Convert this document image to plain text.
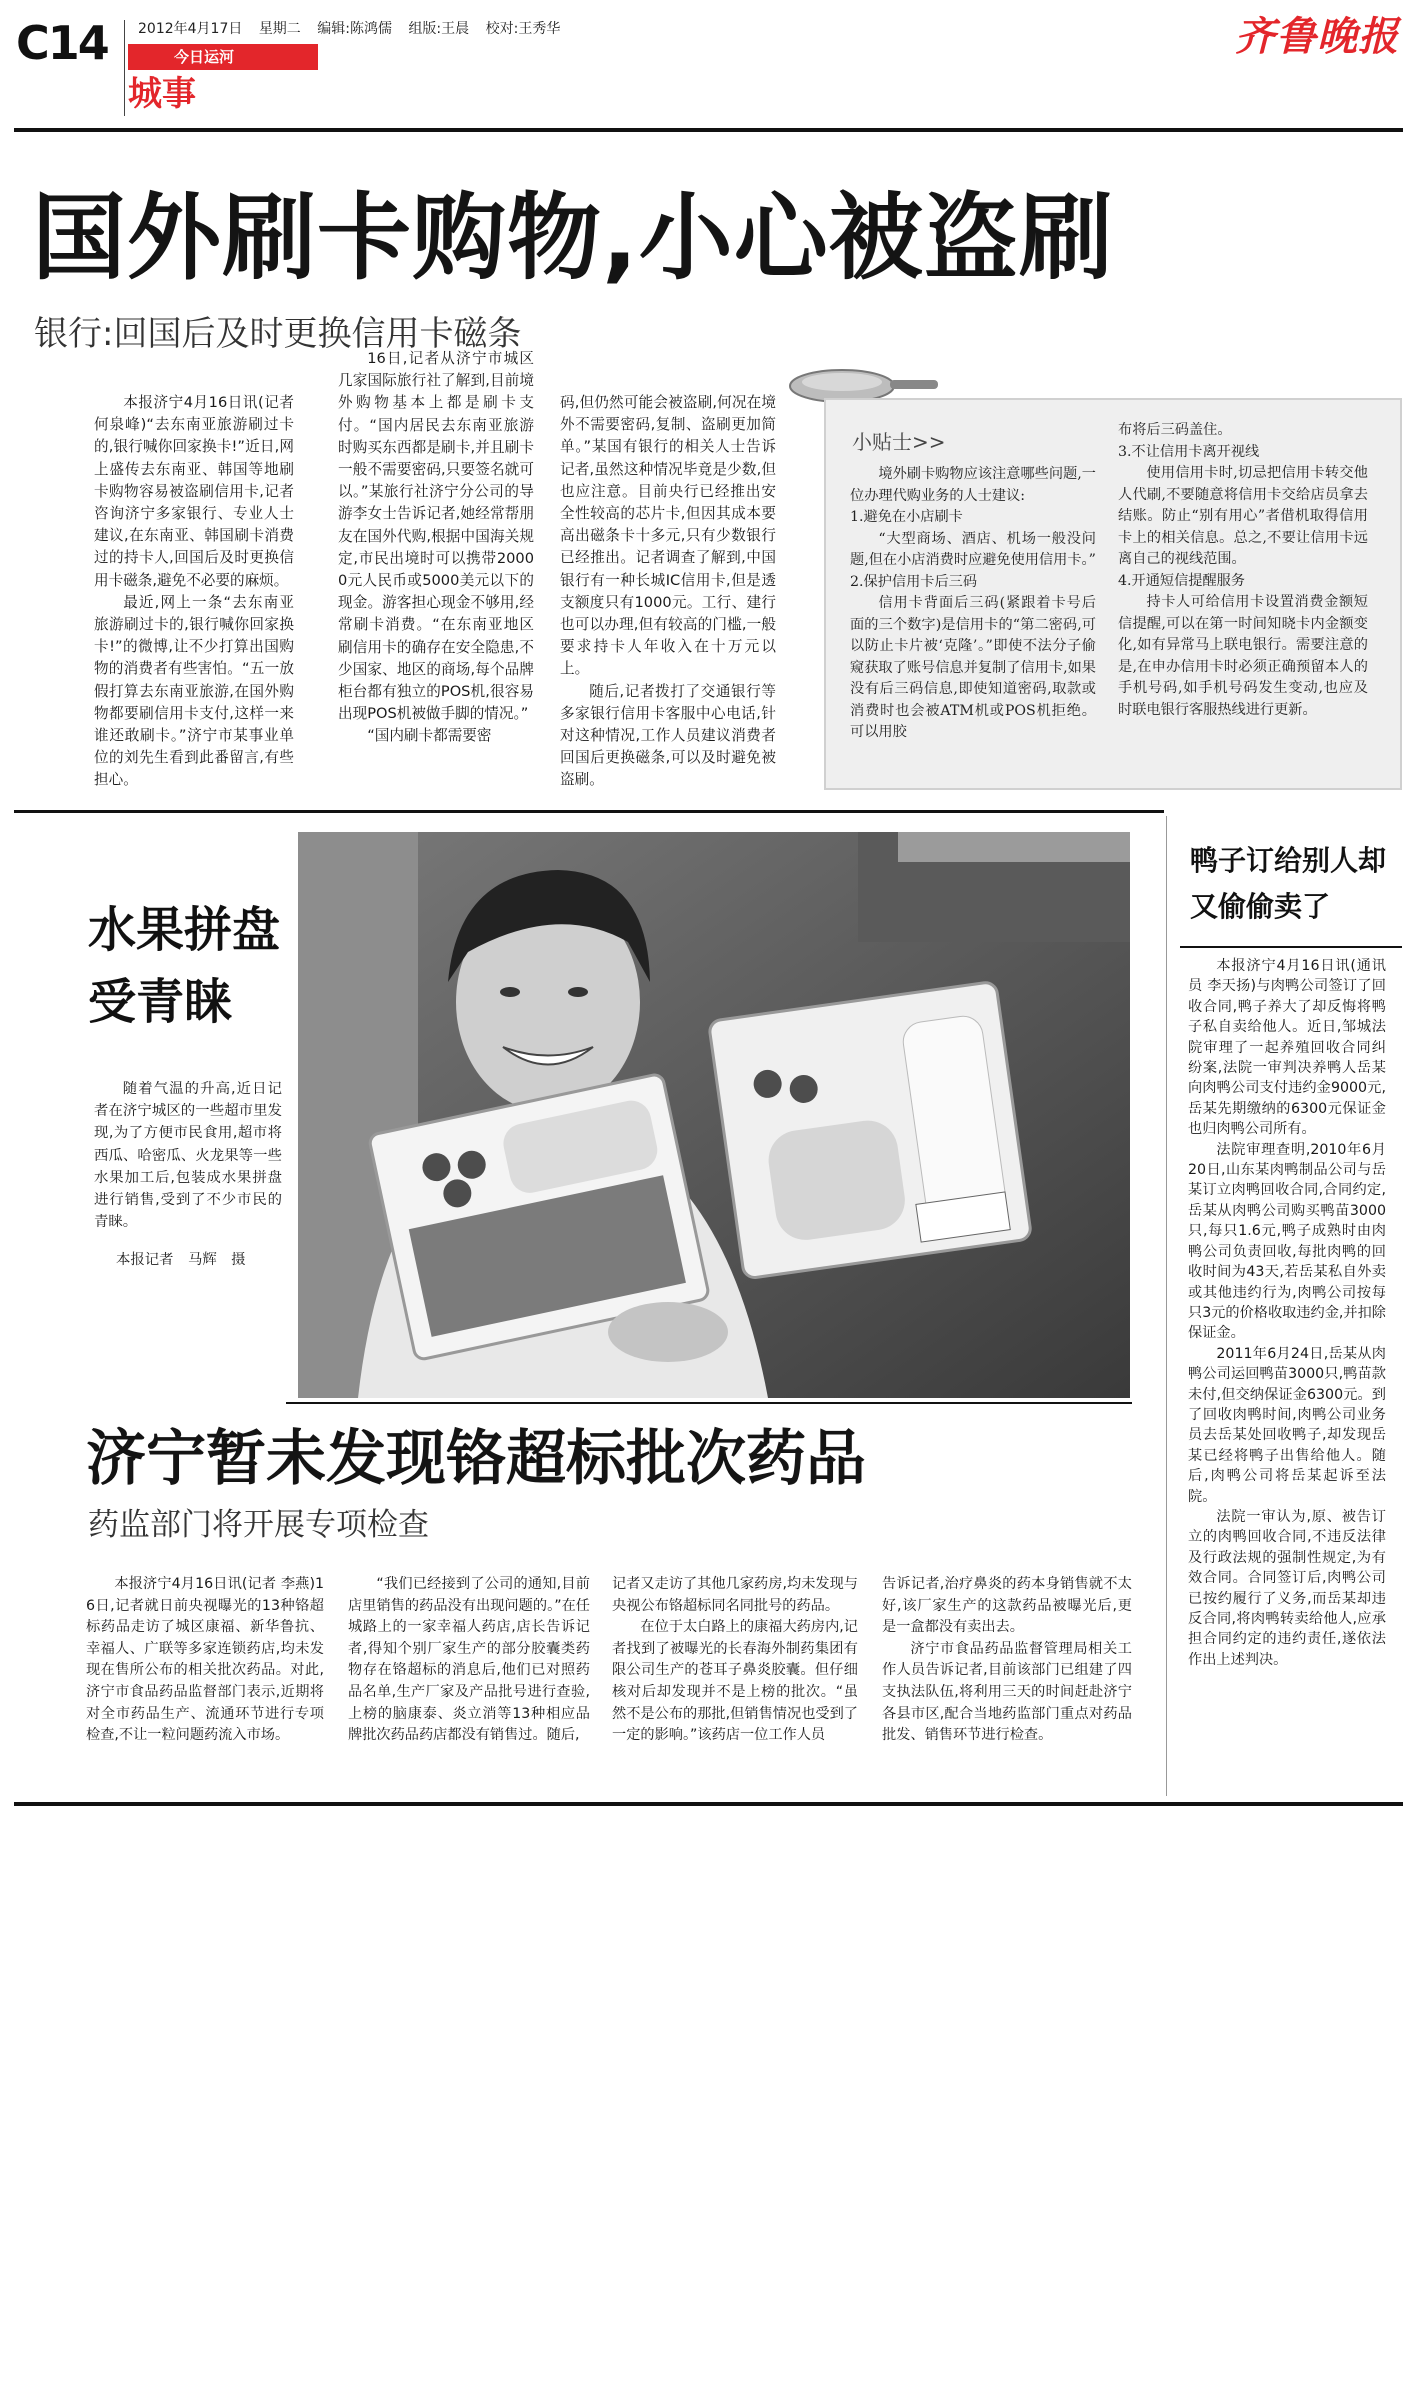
C14 2012年4月17日 星期二 编辑:陈鸿儒 组版:王晨 校对:王秀华
今日运河
城事
齐鲁晚报
国外刷卡购物,小心被盗刷
银行:回国后及时更换信用卡磁条

本报济宁4月16日讯(记者 何泉峰)“去东南亚旅游刷过卡的,银行喊你回家换卡!”近日,网上盛传去东南亚、韩国等地刷卡购物容易被盗刷信用卡,记者咨询济宁多家银行、专业人士建议,在东南亚、韩国刷卡消费过的持卡人,回国后及时更换信用卡磁条,避免不必要的麻烦。

最近,网上一条“去东南亚旅游刷过卡的,银行喊你回家换卡!”的微博,让不少打算出国购物的消费者有些害怕。“五一放假打算去东南亚旅游,在国外购物都要刷信用卡支付,这样一来谁还敢刷卡。”济宁市某事业单位的刘先生看到此番留言,有些担心。

16日,记者从济宁市城区几家国际旅行社了解到,目前境外购物基本上都是刷卡支付。“国内居民去东南亚旅游时购买东西都是刷卡,并且刷卡一般不需要密码,只要签名就可以。”某旅行社济宁分公司的导游李女士告诉记者,她经常帮朋友在国外代购,根据中国海关规定,市民出境时可以携带20000元人民币或5000美元以下的现金。游客担心现金不够用,经常刷卡消费。“在东南亚地区刷信用卡的确存在安全隐患,不少国家、地区的商场,每个品牌柜台都有独立的POS机,很容易出现POS机被做手脚的情况。”

“国内刷卡都需要密

码,但仍然可能会被盗刷,何况在境外不需要密码,复制、盗刷更加简单。”某国有银行的相关人士告诉记者,虽然这种情况毕竟是少数,但也应注意。目前央行已经推出安全性较高的芯片卡,但因其成本要高出磁条卡十多元,只有少数银行已经推出。记者调查了解到,中国银行有一种长城IC信用卡,但是透支额度只有1000元。工行、建行也可以办理,但有较高的门槛,一般要求持卡人年收入在十万元以上。

随后,记者拨打了交通银行等多家银行信用卡客服中心电话,针对这种情况,工作人员建议消费者回国后更换磁条,可以及时避免被盗刷。

小贴士>>

境外刷卡购物应该注意哪些问题,一位办理代购业务的人士建议:

1.避免在小店刷卡

“大型商场、酒店、机场一般没问题,但在小店消费时应避免使用信用卡。”

2.保护信用卡后三码

信用卡背面后三码(紧跟着卡号后面的三个数字)是信用卡的“第二密码,可以防止卡片被‘克隆’。”即使不法分子偷窥获取了账号信息并复制了信用卡,如果没有后三码信息,即使知道密码,取款或消费时也会被ATM机或POS机拒绝。可以用胶

布将后三码盖住。

3.不让信用卡离开视线

使用信用卡时,切忌把信用卡转交他人代刷,不要随意将信用卡交给店员拿去结账。防止“别有用心”者借机取得信用卡上的相关信息。总之,不要让信用卡远离自己的视线范围。

4.开通短信提醒服务

持卡人可给信用卡设置消费金额短信提醒,可以在第一时间知晓卡内金额变化,如有异常马上联电银行。需要注意的是,在申办信用卡时必须正确预留本人的手机号码,如手机号码发生变动,也应及时联电银行客服热线进行更新。

水果拼盘
受青睐

随着气温的升高,近日记者在济宁城区的一些超市里发现,为了方便市民食用,超市将西瓜、哈密瓜、火龙果等一些水果加工后,包装成水果拼盘进行销售,受到了不少市民的青睐。

本报记者　马辉　摄
鸭子订给别人却又偷偷卖了

本报济宁4月16日讯(通讯员 李天扬)与肉鸭公司签订了回收合同,鸭子养大了却反悔将鸭子私自卖给他人。近日,邹城法院审理了一起养殖回收合同纠纷案,法院一审判决养鸭人岳某向肉鸭公司支付违约金9000元,岳某先期缴纳的6300元保证金也归肉鸭公司所有。

法院审理查明,2010年6月20日,山东某肉鸭制品公司与岳某订立肉鸭回收合同,合同约定,岳某从肉鸭公司购买鸭苗3000只,每只1.6元,鸭子成熟时由肉鸭公司负责回收,每批肉鸭的回收时间为43天,若岳某私自外卖或其他违约行为,肉鸭公司按每只3元的价格收取违约金,并扣除保证金。

2011年6月24日,岳某从肉鸭公司运回鸭苗3000只,鸭苗款未付,但交纳保证金6300元。到了回收肉鸭时间,肉鸭公司业务员去岳某处回收鸭子,却发现岳某已经将鸭子出售给他人。随后,肉鸭公司将岳某起诉至法院。

法院一审认为,原、被告订立的肉鸭回收合同,不违反法律及行政法规的强制性规定,为有效合同。合同签订后,肉鸭公司已按约履行了义务,而岳某却违反合同,将肉鸭转卖给他人,应承担合同约定的违约责任,遂依法作出上述判决。

济宁暂未发现铬超标批次药品
药监部门将开展专项检查

本报济宁4月16日讯(记者 李燕)16日,记者就日前央视曝光的13种铬超标药品走访了城区康福、新华鲁抗、幸福人、广联等多家连锁药店,均未发现在售所公布的相关批次药品。对此,济宁市食品药品监督部门表示,近期将对全市药品生产、流通环节进行专项检查,不让一粒问题药流入市场。

“我们已经接到了公司的通知,目前店里销售的药品没有出现问题的。”在任城路上的一家幸福人药店,店长告诉记者,得知个别厂家生产的部分胶囊类药物存在铬超标的消息后,他们已对照药品名单,生产厂家及产品批号进行查验,上榜的脑康泰、炎立消等13种相应品牌批次药品药店都没有销售过。随后,

记者又走访了其他几家药房,均未发现与央视公布铬超标同名同批号的药品。

在位于太白路上的康福大药房内,记者找到了被曝光的长春海外制药集团有限公司生产的苍耳子鼻炎胶囊。但仔细核对后却发现并不是上榜的批次。“虽然不是公布的那批,但销售情况也受到了一定的影响。”该药店一位工作人员

告诉记者,治疗鼻炎的药本身销售就不太好,该厂家生产的这款药品被曝光后,更是一盒都没有卖出去。

济宁市食品药品监督管理局相关工作人员告诉记者,目前该部门已组建了四支执法队伍,将利用三天的时间赶赴济宁各县市区,配合当地药监部门重点对药品批发、销售环节进行检查。
